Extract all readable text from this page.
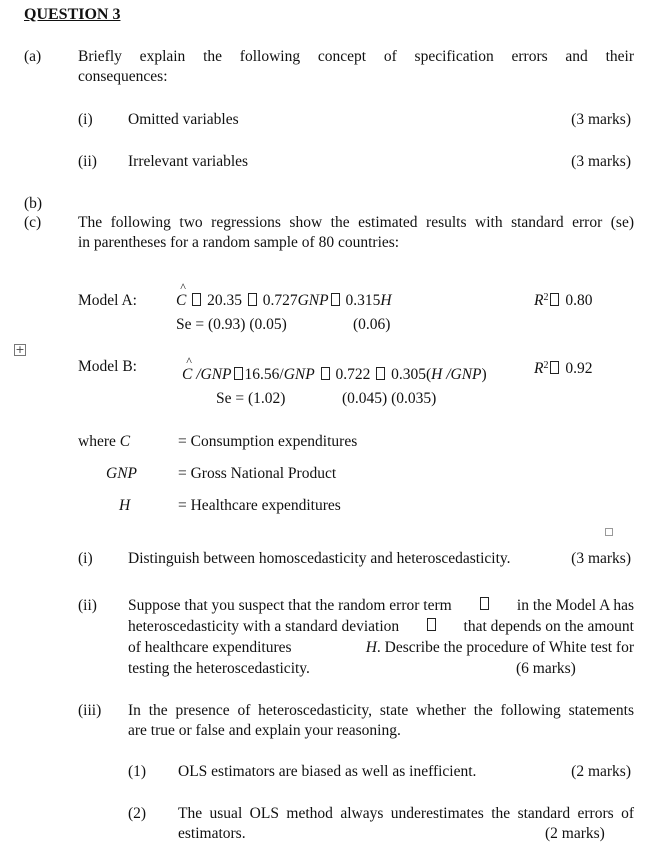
QUESTION 3
(a) Briefly explain the following concept of specification errors and their
consequences:
(i) Omitted variables	(3 marks)
(ii) Irrelevant variables	(3 marks)
(b)
(c) The following two regressions show the estimated results with standard error (se)
in parentheses for a random sample of 80 countries:
Model A:	^ C 20.35 0.727GNP 0.315H	$R^2$ 0.80
Se = (0.93) (0.05)	(0.06)
+
Model B:	^ C /GNP 16.56/GNP 0.722 0.305(H /GNP)	$R^2$ 0.92
Se = (1.02)	(0.045) (0.035)
where C	= Consumption expenditures
GNP	= Gross National Product
H	= Healthcare expenditures
(i) Distinguish between homoscedasticity and heteroscedasticity.	(3 marks)
(ii) Suppose that you suspect that the random error term	in the Model A has
heteroscedasticity with a standard deviation	that depends on the amount
of healthcare expenditures	H. Describe the procedure of White test for
testing the heteroscedasticity.	(6 marks)
(iii) In the presence of heteroscedasticity, state whether the following statements
are true or false and explain your reasoning.
(1) OLS estimators are biased as well as inefficient.	(2 marks)
(2) The usual OLS method always underestimates the standard errors of
estimators.	(2 marks)
